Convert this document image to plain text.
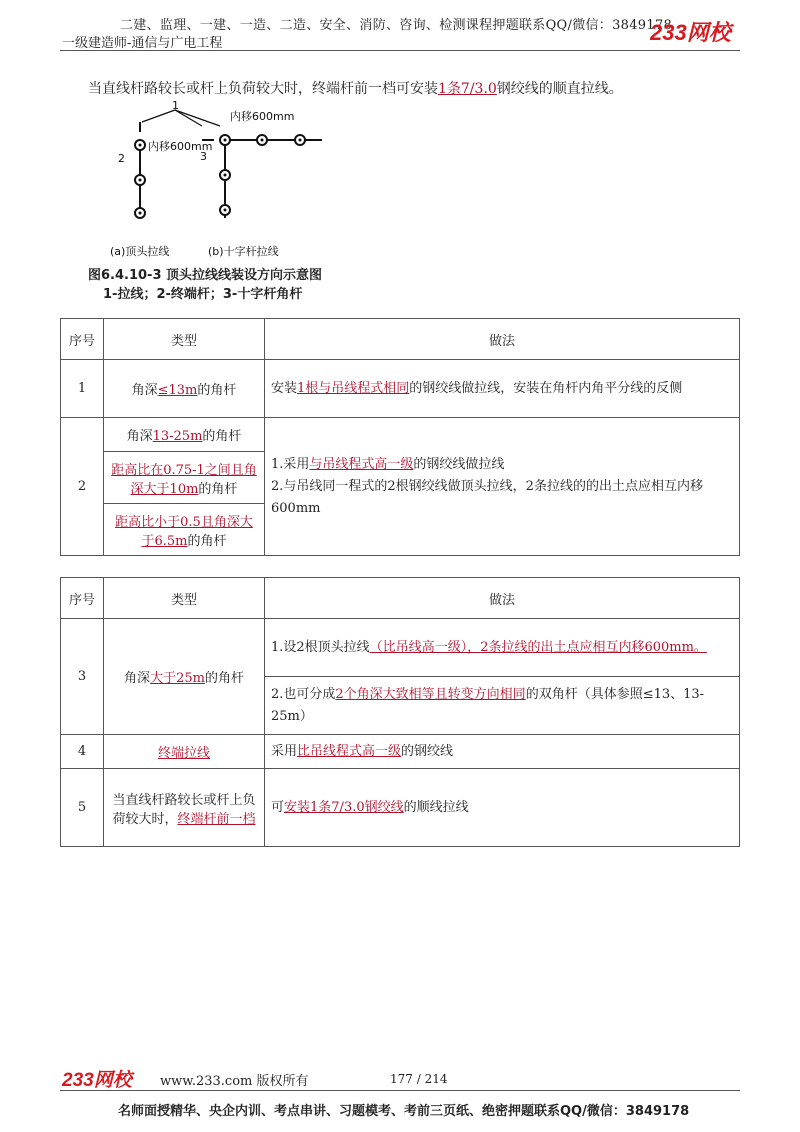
二建、监理、一建、一造、二造、安全、消防、咨询、检测课程押题联系QQ/微信：3849178
一级建造师-通信与广电工程	233网校
当直线杆路较长或杆上负荷较大时，终端杆前一档可安装1条7/3.0钢绞线的顺直拉线。
1
2	3
内移600mm
内移600mm
(a)顶头拉线	(b)十字杆拉线
图6.4.10-3 顶头拉线线装设方向示意图
1-拉线；2-终端杆；3-十字杆角杆
序号	类型	做法
1	角深≤13m的角杆	安装1根与吊线程式相同的钢绞线做拉线，安装在角杆内角平分线的反侧
2	角深13-25m的角杆	1.采用与吊线程式高一级的钢绞线做拉线
2.与吊线同一程式的2根钢绞线做顶头拉线，2条拉线的的出土点应相互内移600mm

	距高比在0.75-1之间且角深大于10m的角杆	
	距高比小于0.5且角深大于6.5m的角杆	
序号	类型	做法
3	角深大于25m的角杆	1.设2根顶头拉线（比吊线高一级），2条拉线的出土点应相互内移600mm。
		2.也可分成2个角深大致相等且转变方向相同的双角杆（具体参照≤13、13-25m）
4	终端拉线	采用比吊线程式高一级的钢绞线
5	当直线杆路较长或杆上负荷较大时，终端杆前一档	可安装1条7/3.0钢绞线的顺线拉线
233网校 www.233.com 版权所有	177 / 214
名师面授精华、央企内训、考点串讲、习题模考、考前三页纸、绝密押题联系QQ/微信：3849178
